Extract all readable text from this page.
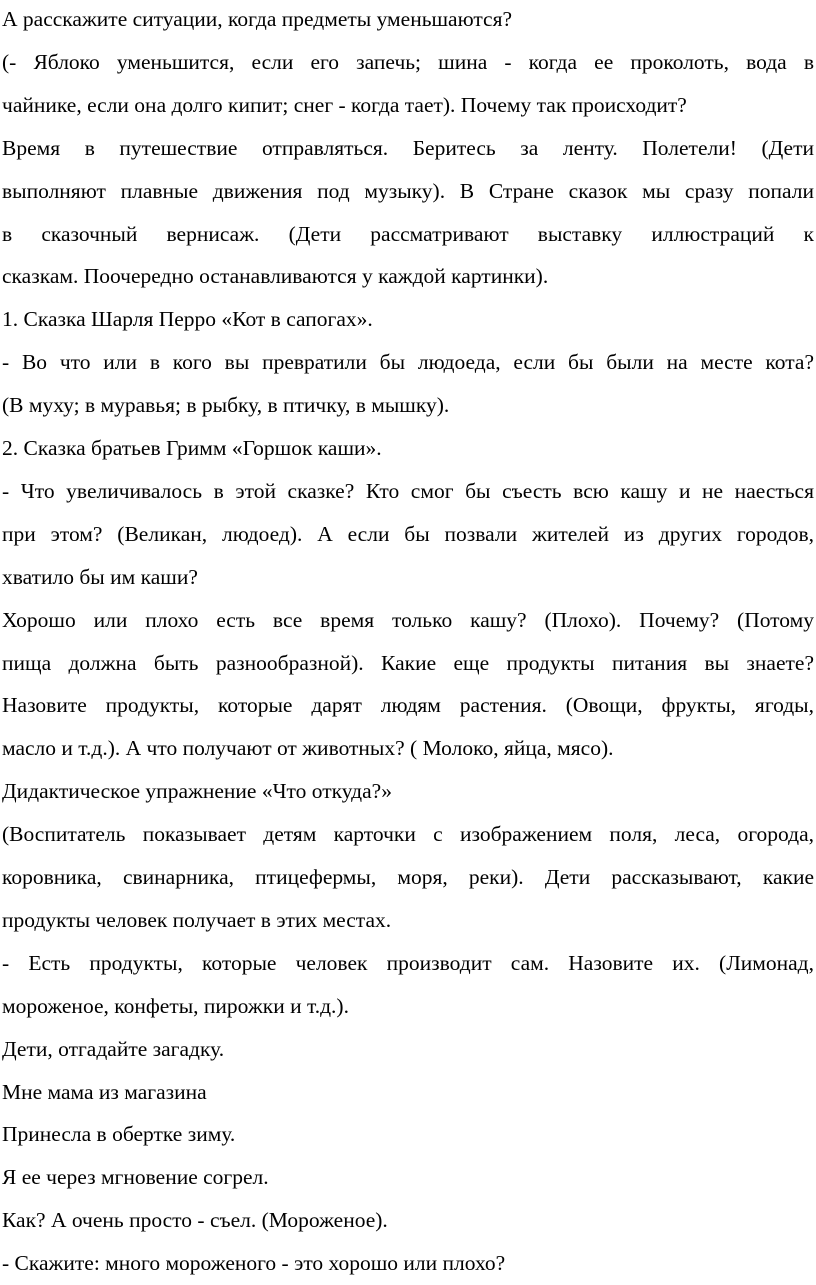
А расскажите ситуации, когда предметы уменьшаются?
(- Яблоко уменьшится, если его запечь; шина - когда ее проколоть, вода в
чайнике, если она долго кипит; снег - когда тает). Почему так происходит?
Время в путешествие отправляться. Беритесь за ленту. Полетели! (Дети
выполняют плавные движения под музыку). В Стране сказок мы сразу попали
в сказочный вернисаж. (Дети рассматривают выставку иллюстраций к
сказкам. Поочередно останавливаются у каждой картинки).
1. Сказка Шарля Перро «Кот в сапогах».
- Во что или в кого вы превратили бы людоеда, если бы были на месте кота?
(В муху; в муравья; в рыбку, в птичку, в мышку).
2. Сказка братьев Гримм «Горшок каши».
- Что увеличивалось в этой сказке? Кто смог бы съесть всю кашу и не наесться
при этом? (Великан, людоед). А если бы позвали жителей из других городов,
хватило бы им каши?
Хорошо или плохо есть все время только кашу? (Плохо). Почему? (Потому
пища должна быть разнообразной). Какие еще продукты питания вы знаете?
Назовите продукты, которые дарят людям растения. (Овощи, фрукты, ягоды,
масло и т.д.). А что получают от животных? ( Молоко, яйца, мясо).
Дидактическое упражнение «Что откуда?»
(Воспитатель показывает детям карточки с изображением поля, леса, огорода,
коровника, свинарника, птицефермы, моря, реки). Дети рассказывают, какие
продукты человек получает в этих местах.
- Есть продукты, которые человек производит сам. Назовите их. (Лимонад,
мороженое, конфеты, пирожки и т.д.).
Дети, отгадайте загадку.
Мне мама из магазина
Принесла в обертке зиму.
Я ее через мгновение согрел.
Как? А очень просто - съел. (Мороженое).
- Скажите: много мороженого - это хорошо или плохо?
